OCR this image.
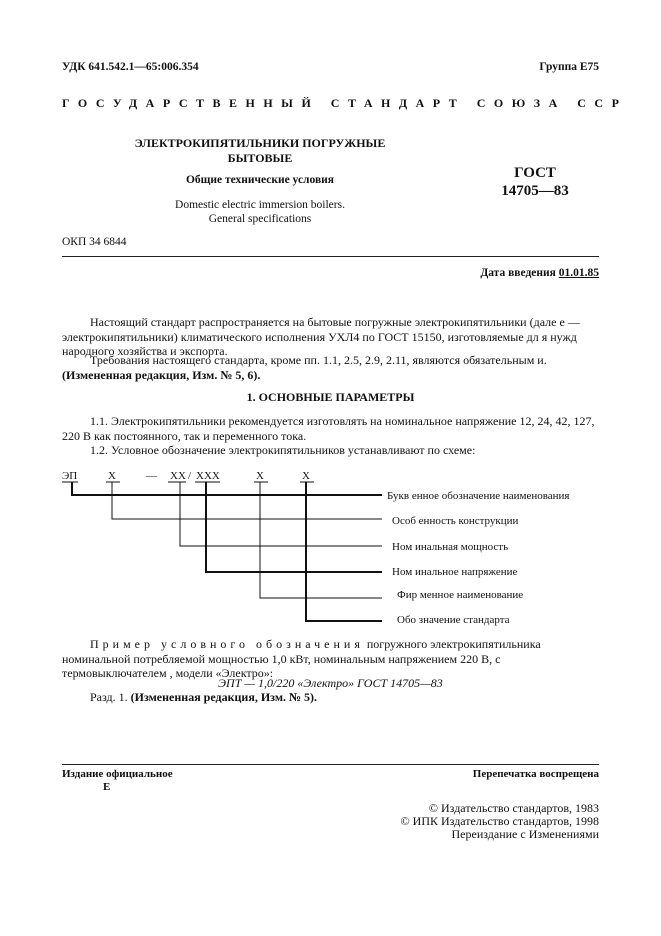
УДК 641.542.1—65:006.354	Группа Е75
ГОСУДАРСТВЕННЫЙ СТАНДАРТ СОЮЗА ССР
ЭЛЕКТРОКИПЯТИЛЬНИКИ ПОГРУЖНЫЕ
БЫТОВЫЕ
Общие технические условия
Domestic electric immersion boilers.
General specifications
ГОСТ
14705—83
ОКП 34 6844
Дата введения 01.01.85
Настоящий стандарт распространяется на бытовые погружные электрокипятильники (дале е — электрокипятильники) климатического исполнения УХЛ4 по ГОСТ 15150, изготовляемые дл я нужд народного хозяйства и экспорта.
Требования настоящего стандарта, кроме пп. 1.1, 2.5, 2.9, 2.11, являются обязательным и.
(Измененная редакция, Изм. № 5, 6).
1. ОСНОВНЫЕ ПАРАМЕТРЫ
1.1. Электрокипятильники рекомендуется изготовлять на номинальное напряжение 12, 24, 42, 127, 220 В как постоянного, так и переменного тока.
1.2. Условное обозначение электрокипятильников устанавливают по схеме:
ЭП	X	— XX / XXX	X	X
Букв енное обозначение наименования
Особ енность конструкции
Ном инальная мощность
Ном инальное напряжение
Фир менное наименование
Обо значение стандарта
Пример условного обозначения погружного электрокипятильника номинальной потребляемой мощностью 1,0 кВт, номинальным напряжением 220 В, с термовыключателем , модели «Электро»:
ЭПТ — 1,0/220 «Электро» ГОСТ 14705—83
Разд. 1. (Измененная редакция, Изм. № 5).
Издание официальное
Е
Перепечатка воспрещена
© Издательство стандартов, 1983
© ИПК Издательство стандартов, 1998
Переиздание с Изменениями
